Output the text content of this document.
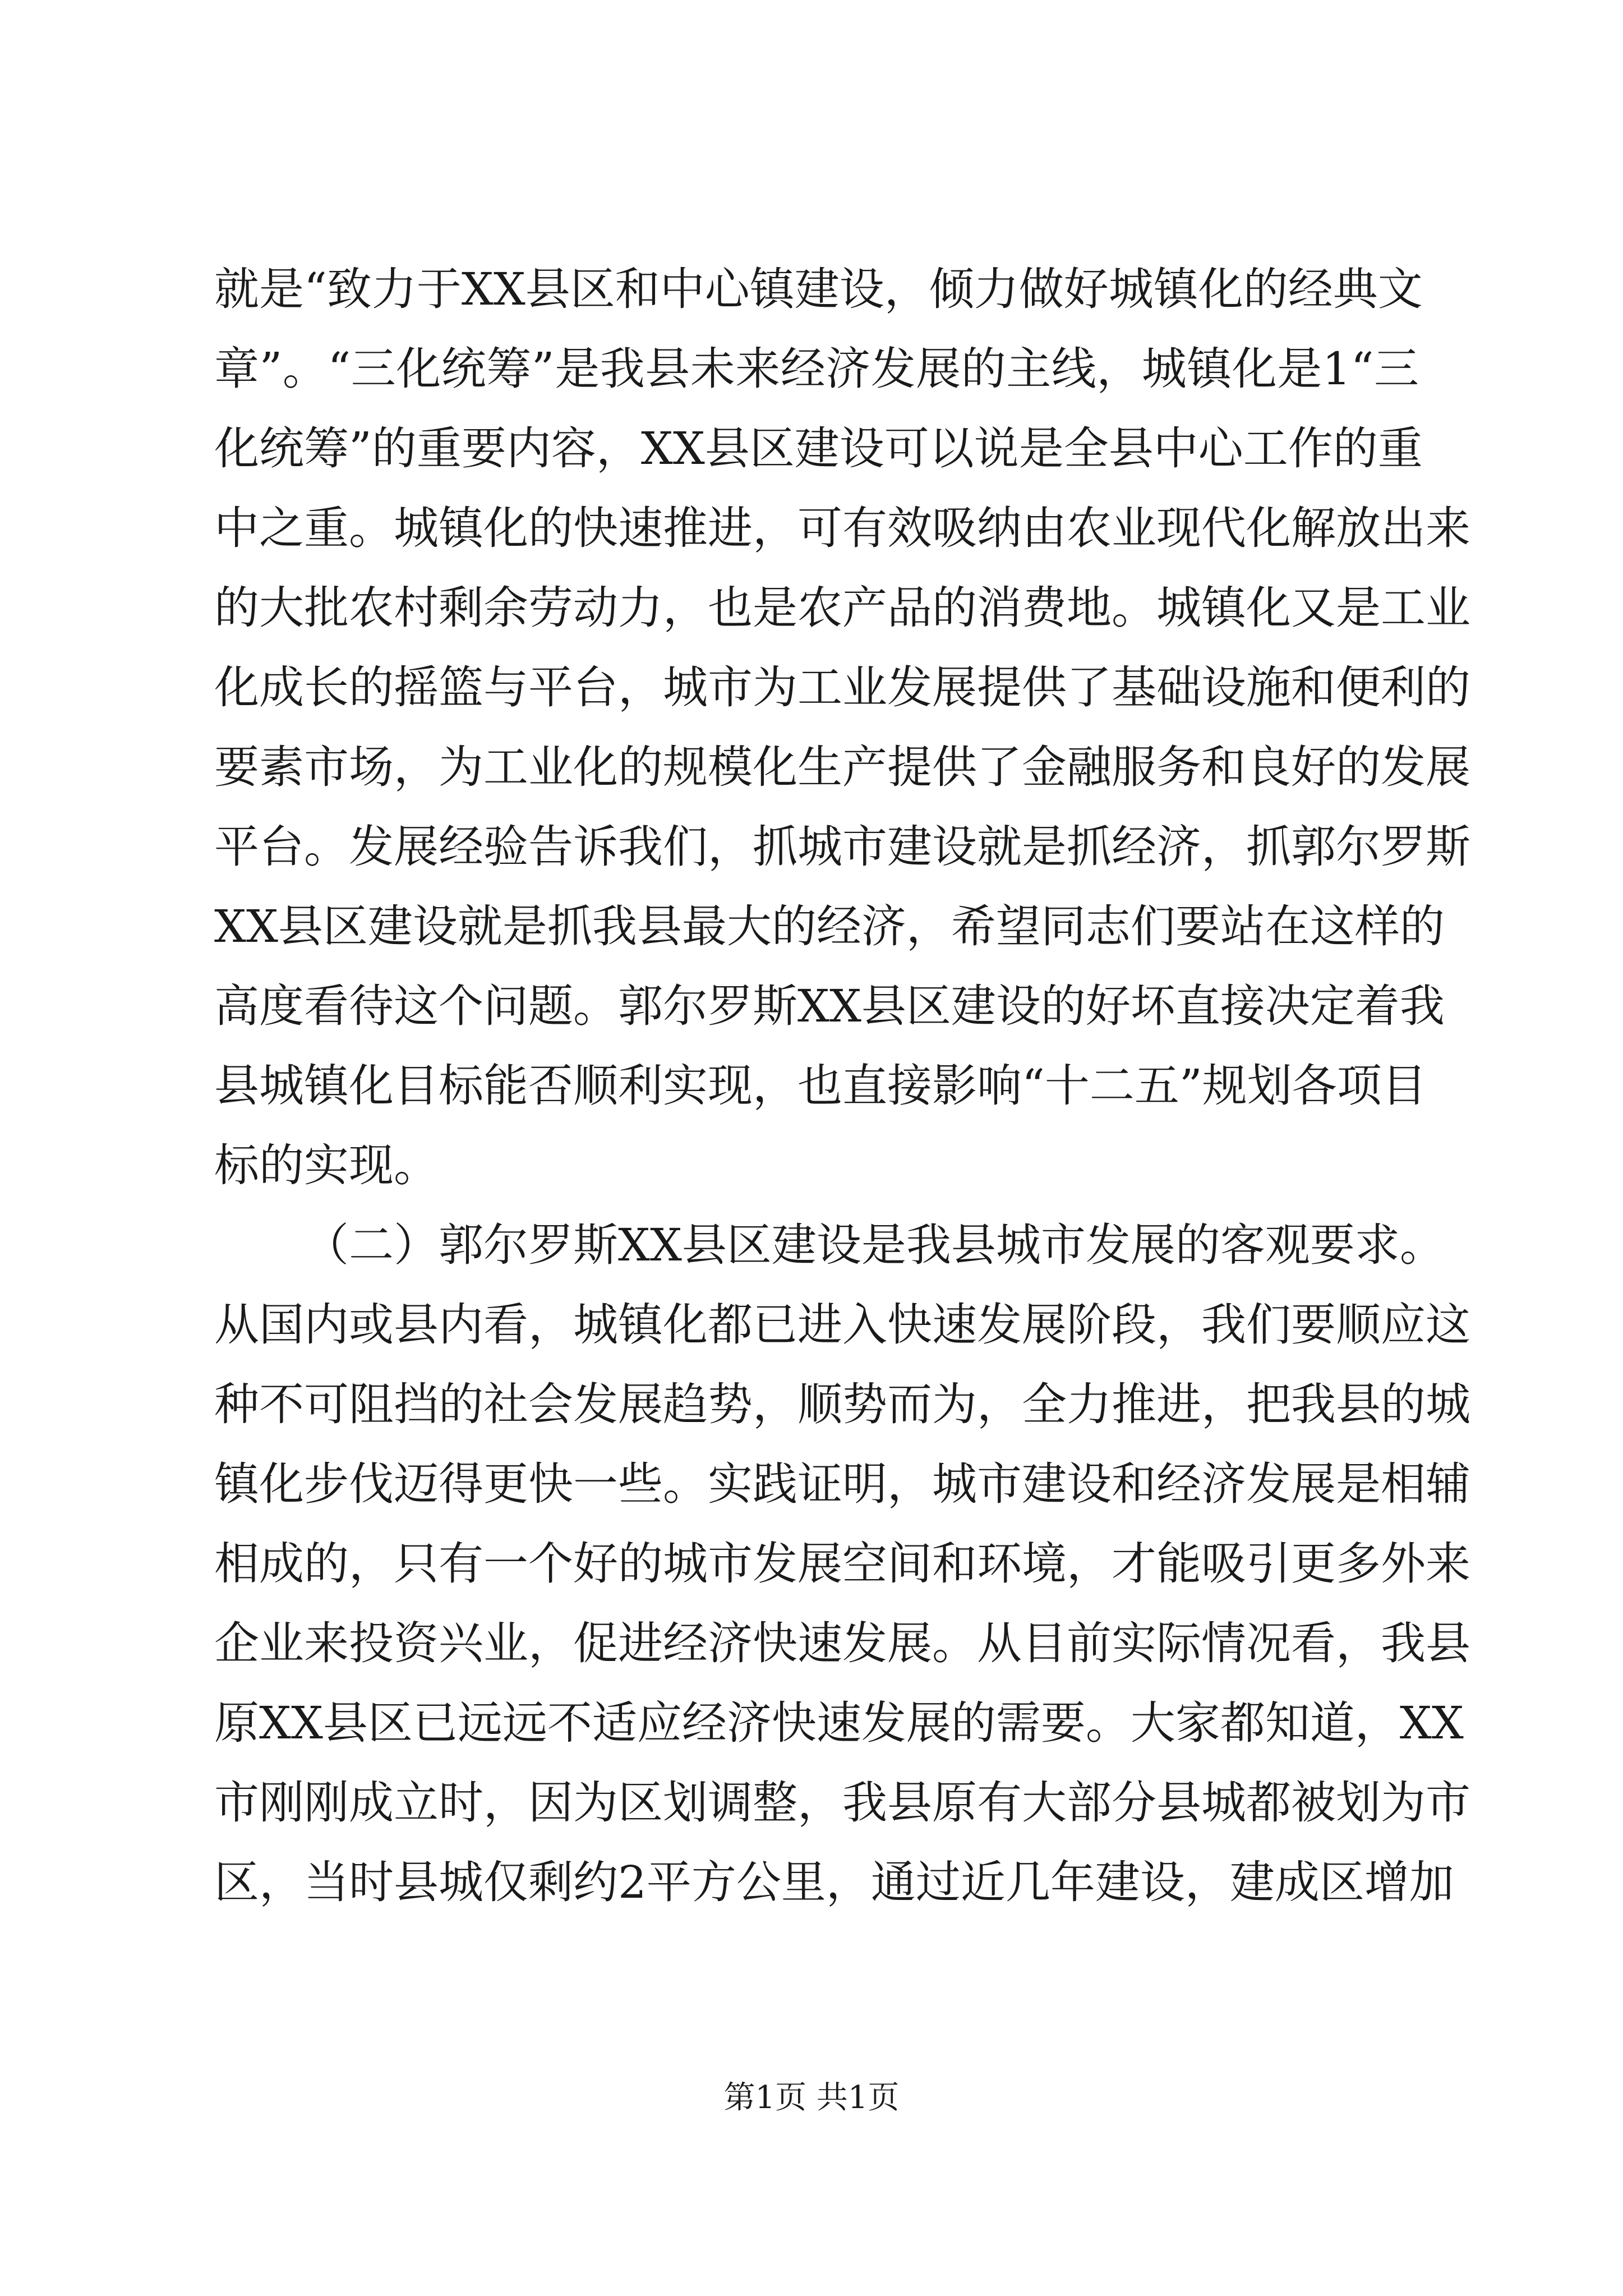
就是“致力于XX县区和中心镇建设，倾力做好城镇化的经典文
章”。“三化统筹”是我县未来经济发展的主线，城镇化是1“三
化统筹”的重要内容，XX县区建设可以说是全县中心工作的重
中之重。城镇化的快速推进，可有效吸纳由农业现代化解放出来
的大批农村剩余劳动力，也是农产品的消费地。城镇化又是工业
化成长的摇篮与平台，城市为工业发展提供了基础设施和便利的
要素市场，为工业化的规模化生产提供了金融服务和良好的发展
平台。发展经验告诉我们，抓城市建设就是抓经济，抓郭尔罗斯
XX县区建设就是抓我县最大的经济，希望同志们要站在这样的
高度看待这个问题。郭尔罗斯XX县区建设的好坏直接决定着我
县城镇化目标能否顺利实现，也直接影响“十二五”规划各项目
标的实现。
（二）郭尔罗斯XX县区建设是我县城市发展的客观要求。
从国内或县内看，城镇化都已进入快速发展阶段，我们要顺应这
种不可阻挡的社会发展趋势，顺势而为，全力推进，把我县的城
镇化步伐迈得更快一些。实践证明，城市建设和经济发展是相辅
相成的，只有一个好的城市发展空间和环境，才能吸引更多外来
企业来投资兴业，促进经济快速发展。从目前实际情况看，我县
原XX县区已远远不适应经济快速发展的需要。大家都知道，XX
市刚刚成立时，因为区划调整，我县原有大部分县城都被划为市
区，当时县城仅剩约2平方公里，通过近几年建设，建成区增加
第1页 共1页
